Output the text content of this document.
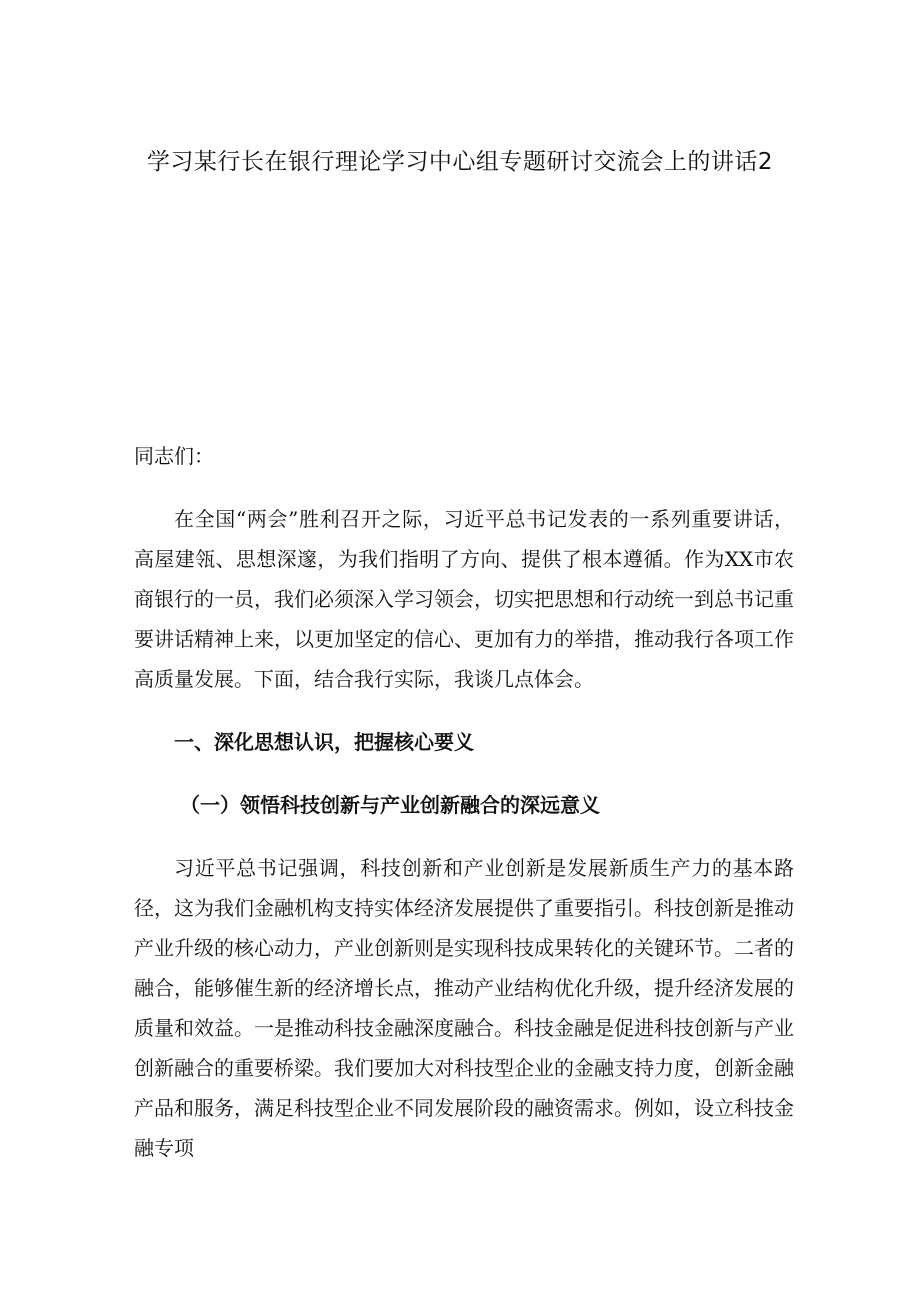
学习某行长在银行理论学习中心组专题研讨交流会上的讲话2

同志们：

在全国“两会”胜利召开之际，习近平总书记发表的一系列重要讲话，高屋建瓴、思想深邃，为我们指明了方向、提供了根本遵循。作为XX市农商银行的一员，我们必须深入学习领会，切实把思想和行动统一到总书记重要讲话精神上来，以更加坚定的信心、更加有力的举措，推动我行各项工作高质量发展。下面，结合我行实际，我谈几点体会。

一、深化思想认识，把握核心要义

（一）领悟科技创新与产业创新融合的深远意义

习近平总书记强调，科技创新和产业创新是发展新质生产力的基本路径，这为我们金融机构支持实体经济发展提供了重要指引。科技创新是推动产业升级的核心动力，产业创新则是实现科技成果转化的关键环节。二者的融合，能够催生新的经济增长点，推动产业结构优化升级，提升经济发展的质量和效益。一是推动科技金融深度融合。科技金融是促进科技创新与产业创新融合的重要桥梁。我们要加大对科技型企业的金融支持力度，创新金融产品和服务，满足科技型企业不同发展阶段的融资需求。例如，设立科技金融专项
